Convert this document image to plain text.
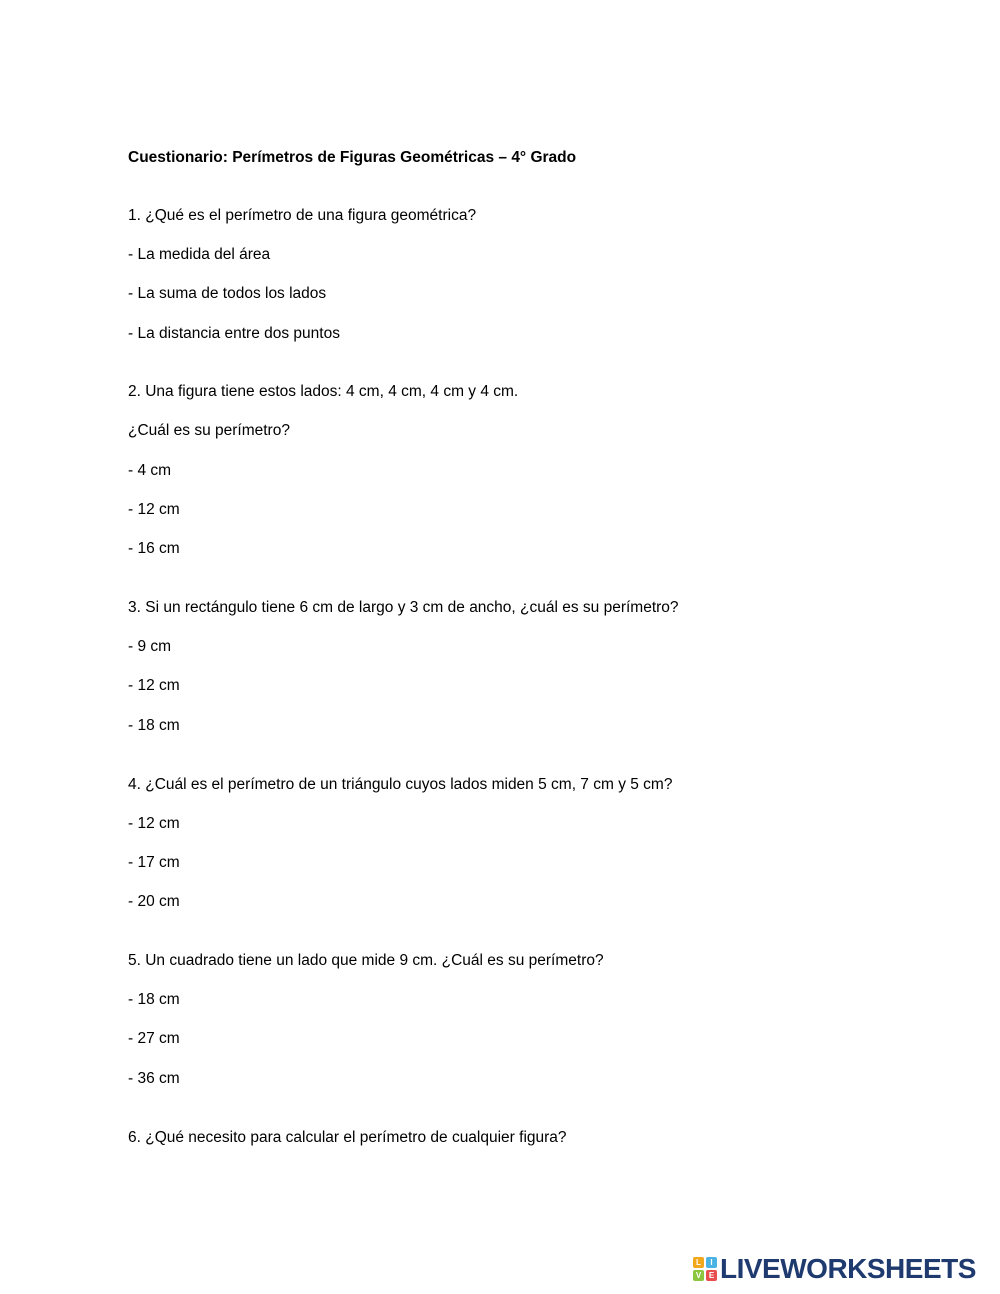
Cuestionario: Perímetros de Figuras Geométricas – 4° Grado
1. ¿Qué es el perímetro de una figura geométrica?
- La medida del área
- La suma de todos los lados
- La distancia entre dos puntos
2. Una figura tiene estos lados: 4 cm, 4 cm, 4 cm y 4 cm.
¿Cuál es su perímetro?
- 4 cm
- 12 cm
- 16 cm
3. Si un rectángulo tiene 6 cm de largo y 3 cm de ancho, ¿cuál es su perímetro?
- 9 cm
- 12 cm
- 18 cm
4. ¿Cuál es el perímetro de un triángulo cuyos lados miden 5 cm, 7 cm y 5 cm?
- 12 cm
- 17 cm
- 20 cm
5. Un cuadrado tiene un lado que mide 9 cm. ¿Cuál es su perímetro?
- 18 cm
- 27 cm
- 36 cm
6. ¿Qué necesito para calcular el perímetro de cualquier figura?
L	I
V E LIVEWORKSHEETS
